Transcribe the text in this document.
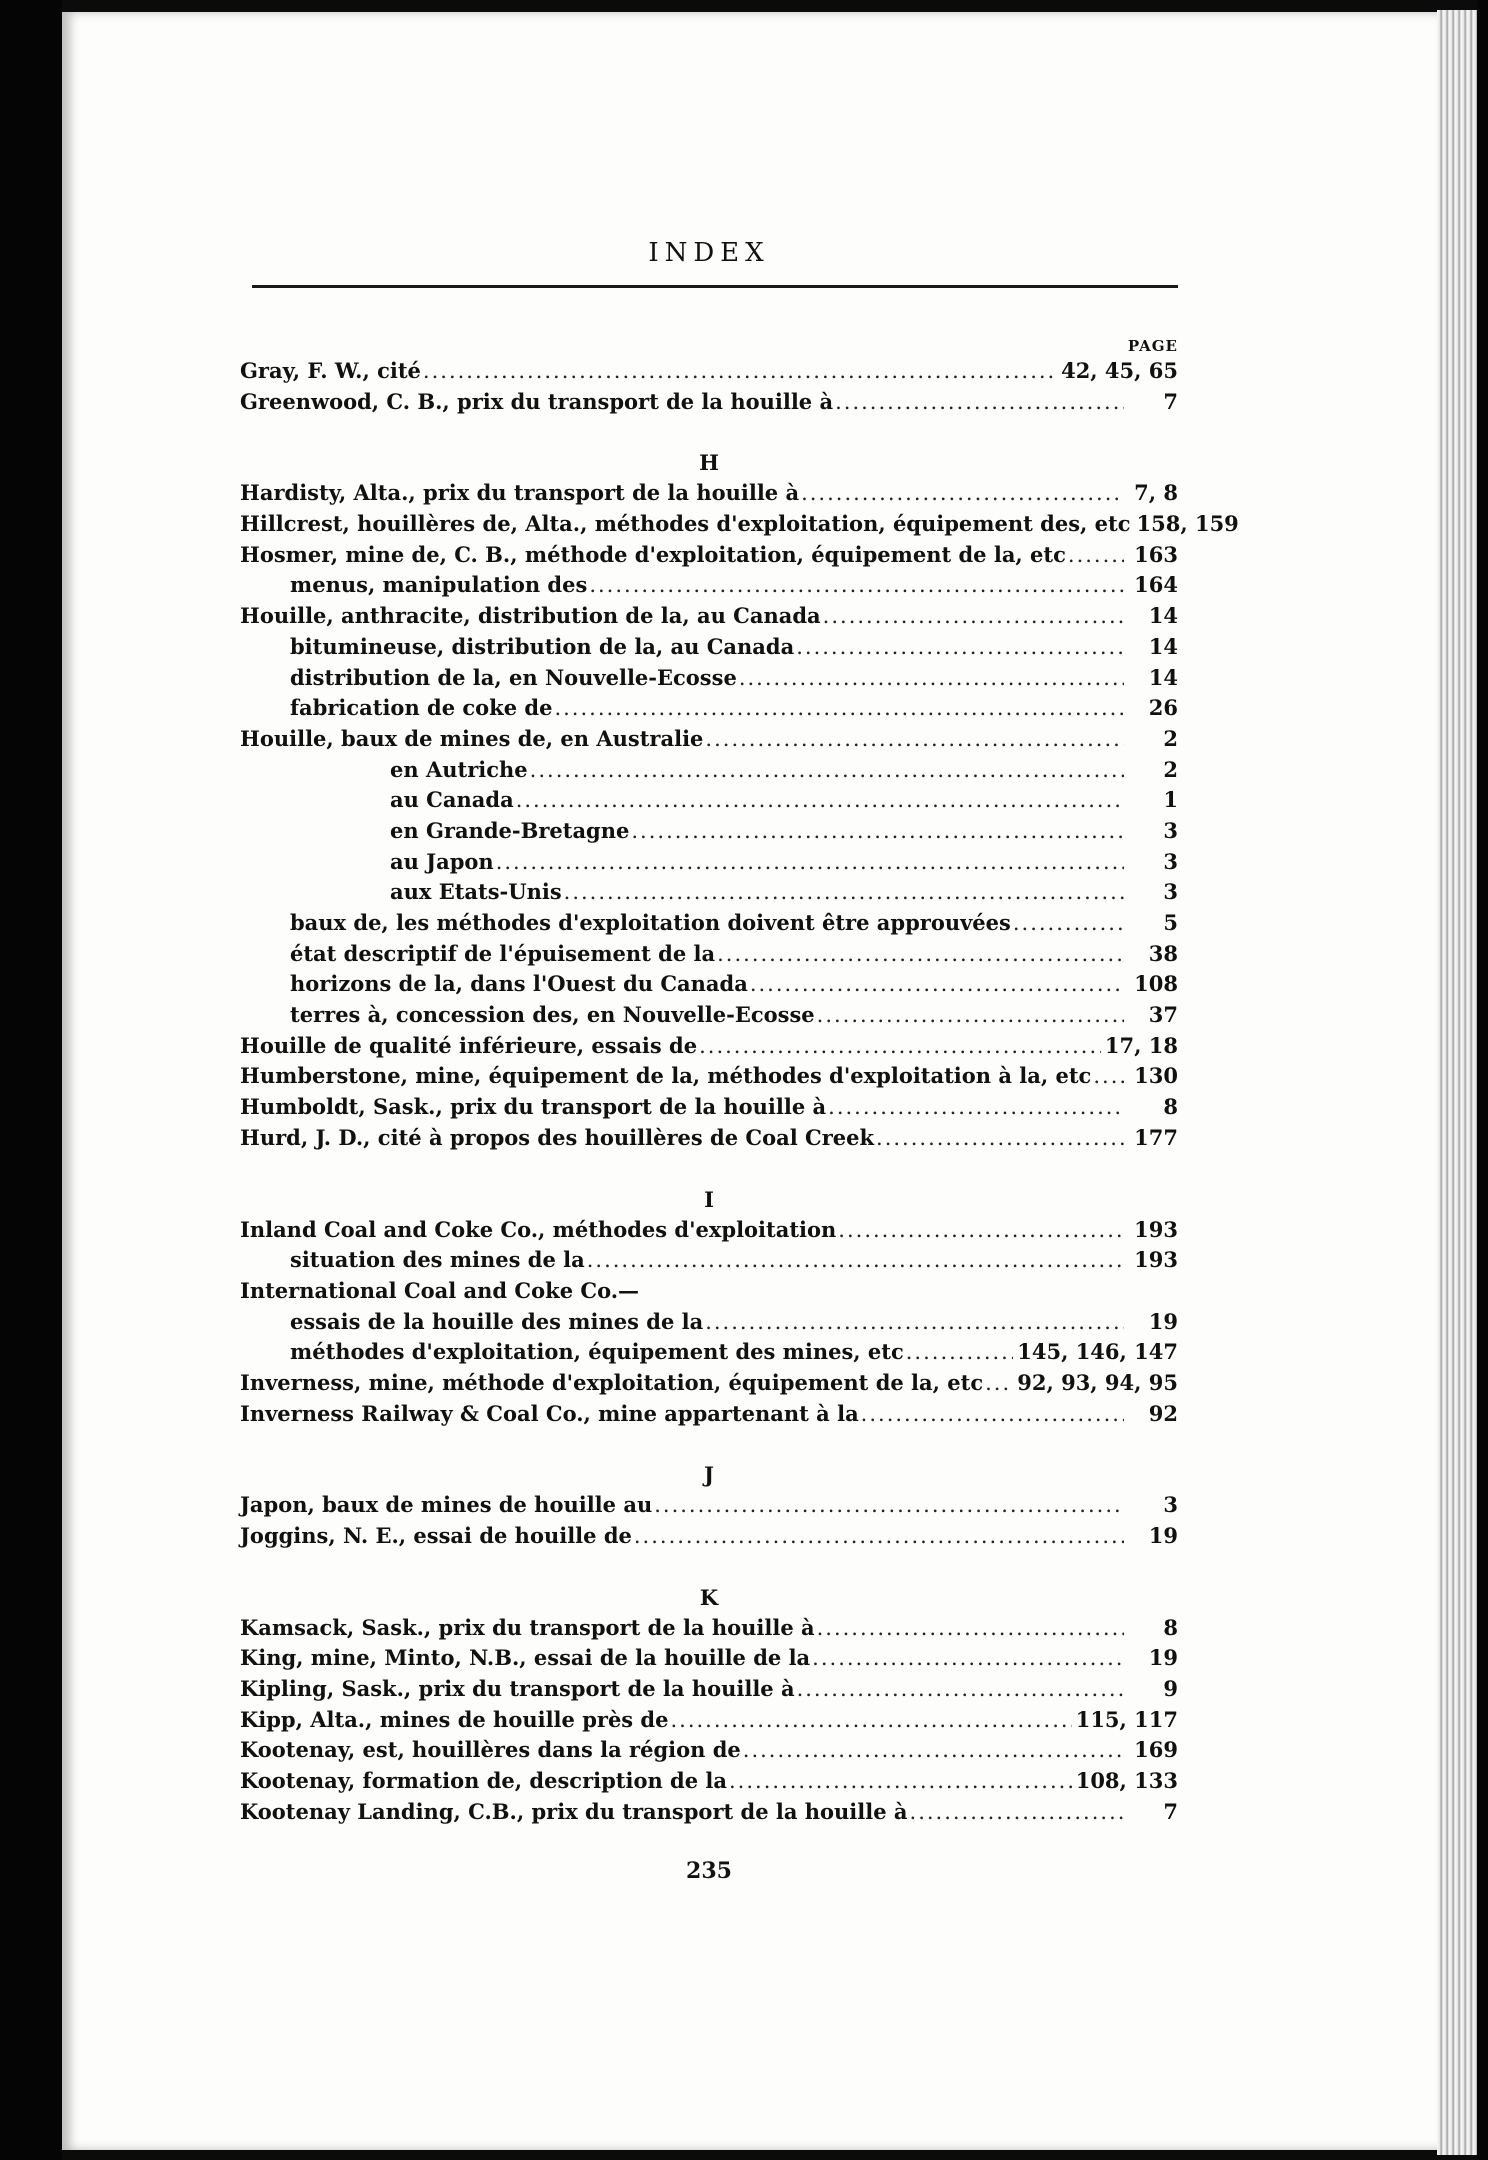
INDEX
PAGE
Gray, F. W., cité .....	42, 45, 65
Greenwood, C. B., prix du transport de la houille à .....	7
H
Hardisty, Alta., prix du transport de la houille à .....	7, 8
Hillcrest, houillères de, Alta., méthodes d'exploitation, équipement des, etc 158, 159
Hosmer, mine de, C. B., méthode d'exploitation, équipement de la, etc .....	163
menus, manipulation des .....	164
Houille, anthracite, distribution de la, au Canada .....	14
bitumineuse, distribution de la, au Canada .....	14
distribution de la, en Nouvelle-Ecosse .....	14
fabrication de coke de .....	26
Houille, baux de mines de, en Australie .....	2
en Autriche .....	2
au Canada .....	1
en Grande-Bretagne .....	3
au Japon .....	3
aux Etats-Unis .....	3
baux de, les méthodes d'exploitation doivent être approuvées .....	5
état descriptif de l'épuisement de la .....	38
horizons de la, dans l'Ouest du Canada .....	108
terres à, concession des, en Nouvelle-Ecosse .....	37
Houille de qualité inférieure, essais de .....	17, 18
Humberstone, mine, équipement de la, méthodes d'exploitation à la, etc ..... 130
Humboldt, Sask., prix du transport de la houille à .....	8
Hurd, J. D., cité à propos des houillères de Coal Creek .....	177
I
Inland Coal and Coke Co., méthodes d'exploitation .....	193
situation des mines de la .....	193
International Coal and Coke Co.—
essais de la houille des mines de la .....	19
méthodes d'exploitation, équipement des mines, etc .....	145, 146, 147
Inverness, mine, méthode d'exploitation, équipement de la, etc ..... 92, 93, 94, 95
Inverness Railway & Coal Co., mine appartenant à la .....	92
J
Japon, baux de mines de houille au .....	3
Joggins, N. E., essai de houille de .....	19
K
Kamsack, Sask., prix du transport de la houille à .....	8
King, mine, Minto, N.B., essai de la houille de la .....	19
Kipling, Sask., prix du transport de la houille à .....	9
Kipp, Alta., mines de houille près de .....	115, 117
Kootenay, est, houillères dans la région de .....	169
Kootenay, formation de, description de la .....	108, 133
Kootenay Landing, C.B., prix du transport de la houille à .....	7
235
